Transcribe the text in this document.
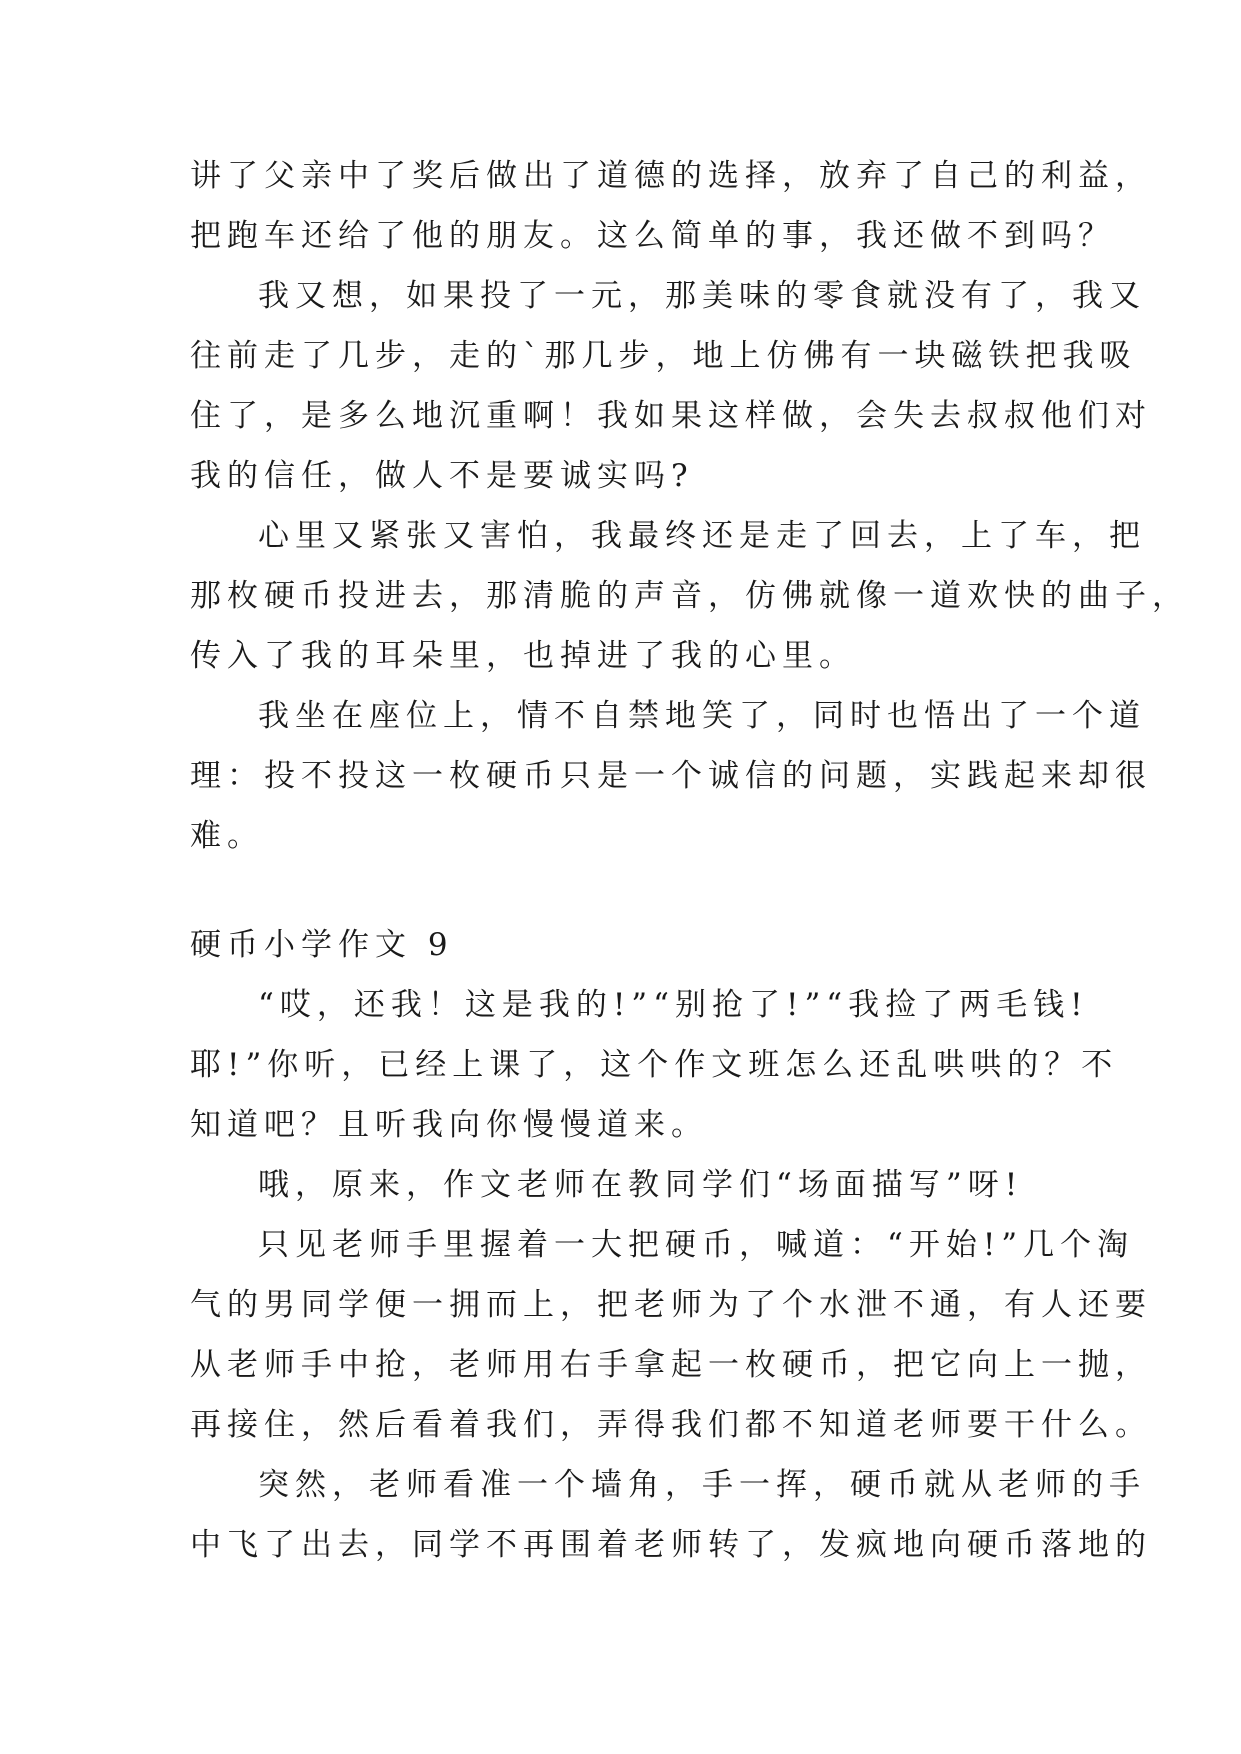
讲了父亲中了奖后做出了道德的选择，放弃了自己的利益，
把跑车还给了他的朋友。这么简单的事，我还做不到吗？
我又想，如果投了一元，那美味的零食就没有了，我又
往前走了几步，走的`那几步，地上仿佛有一块磁铁把我吸
住了，是多么地沉重啊！我如果这样做，会失去叔叔他们对
我的信任，做人不是要诚实吗?
心里又紧张又害怕，我最终还是走了回去，上了车，把
那枚硬币投进去，那清脆的声音，仿佛就像一道欢快的曲子，
传入了我的耳朵里，也掉进了我的心里。
我坐在座位上，情不自禁地笑了，同时也悟出了一个道
理：投不投这一枚硬币只是一个诚信的问题，实践起来却很
难。
硬币小学作文 9
“哎，还我！这是我的!”“别抢了!”“我捡了两毛钱!
耶!”你听，已经上课了，这个作文班怎么还乱哄哄的？不
知道吧？且听我向你慢慢道来。
哦，原来，作文老师在教同学们“场面描写”呀!
只见老师手里握着一大把硬币，喊道：“开始!”几个淘
气的男同学便一拥而上，把老师为了个水泄不通，有人还要
从老师手中抢，老师用右手拿起一枚硬币，把它向上一抛，
再接住，然后看着我们，弄得我们都不知道老师要干什么。
突然，老师看准一个墙角，手一挥，硬币就从老师的手
中飞了出去，同学不再围着老师转了，发疯地向硬币落地的
